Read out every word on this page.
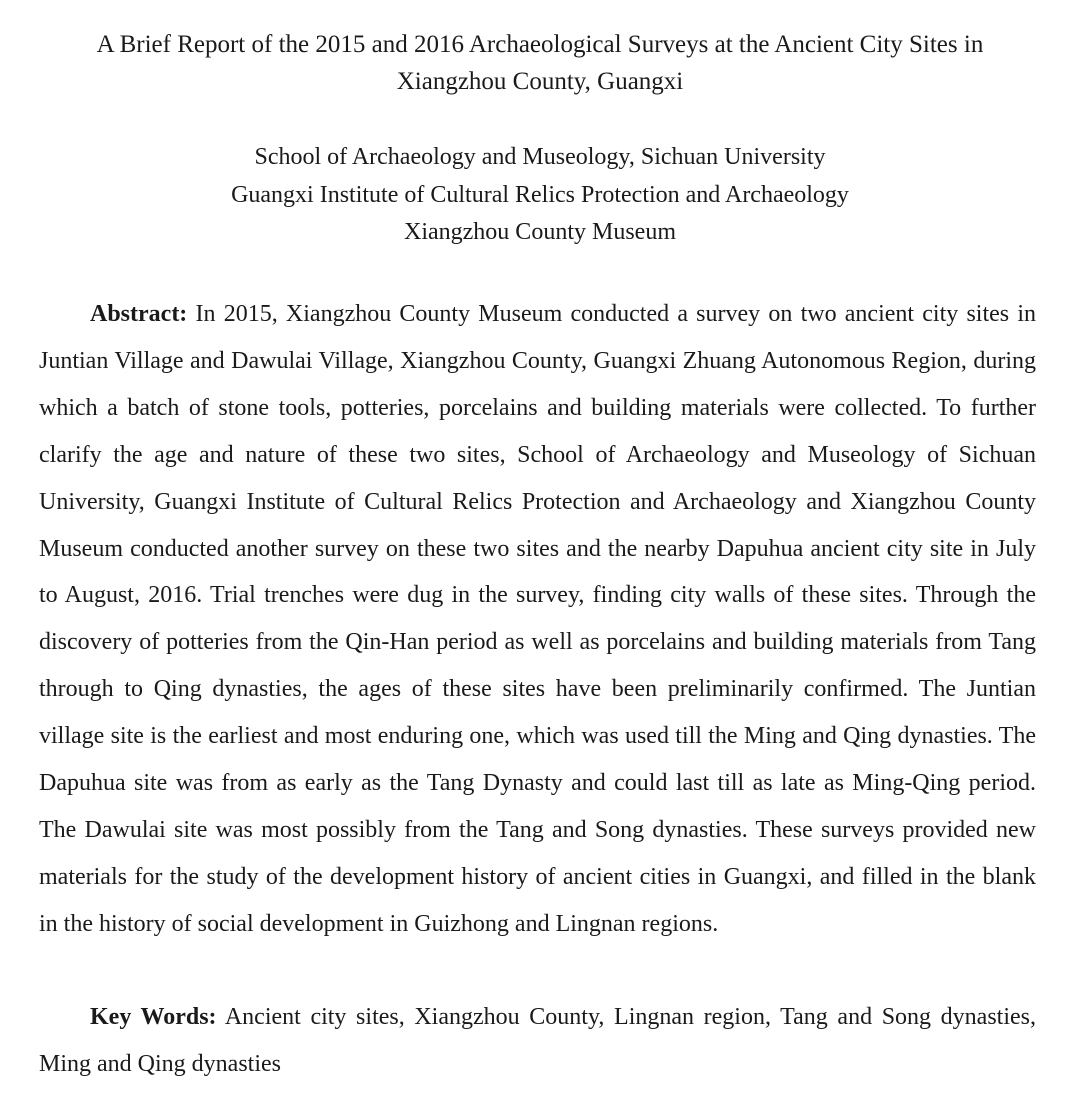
A Brief Report of the 2015 and 2016 Archaeological Surveys at the Ancient City Sites in Xiangzhou County, Guangxi
School of Archaeology and Museology, Sichuan University
Guangxi Institute of Cultural Relics Protection and Archaeology
Xiangzhou County Museum

Abstract: In 2015, Xiangzhou County Museum conducted a survey on two ancient city sites in Juntian Village and Dawulai Village, Xiangzhou County, Guangxi Zhuang Autonomous Region, during which a batch of stone tools, potteries, porcelains and building materials were collected. To further clarify the age and nature of these two sites, School of Archaeology and Museology of Sichuan University, Guangxi Institute of Cultural Relics Protection and Archaeology and Xiangzhou County Museum conducted another survey on these two sites and the nearby Dapuhua ancient city site in July to August, 2016. Trial trenches were dug in the survey, finding city walls of these sites. Through the discovery of potteries from the Qin-Han period as well as porcelains and building materials from Tang through to Qing dynasties, the ages of these sites have been preliminarily confirmed. The Juntian village site is the earliest and most enduring one, which was used till the Ming and Qing dynasties. The Dapuhua site was from as early as the Tang Dynasty and could last till as late as Ming-Qing period. The Dawulai site was most possibly from the Tang and Song dynasties. These surveys provided new materials for the study of the development history of ancient cities in Guangxi, and filled in the blank in the history of social development in Guizhong and Lingnan regions.

Key Words: Ancient city sites, Xiangzhou County, Lingnan region, Tang and Song dynasties, Ming and Qing dynasties
